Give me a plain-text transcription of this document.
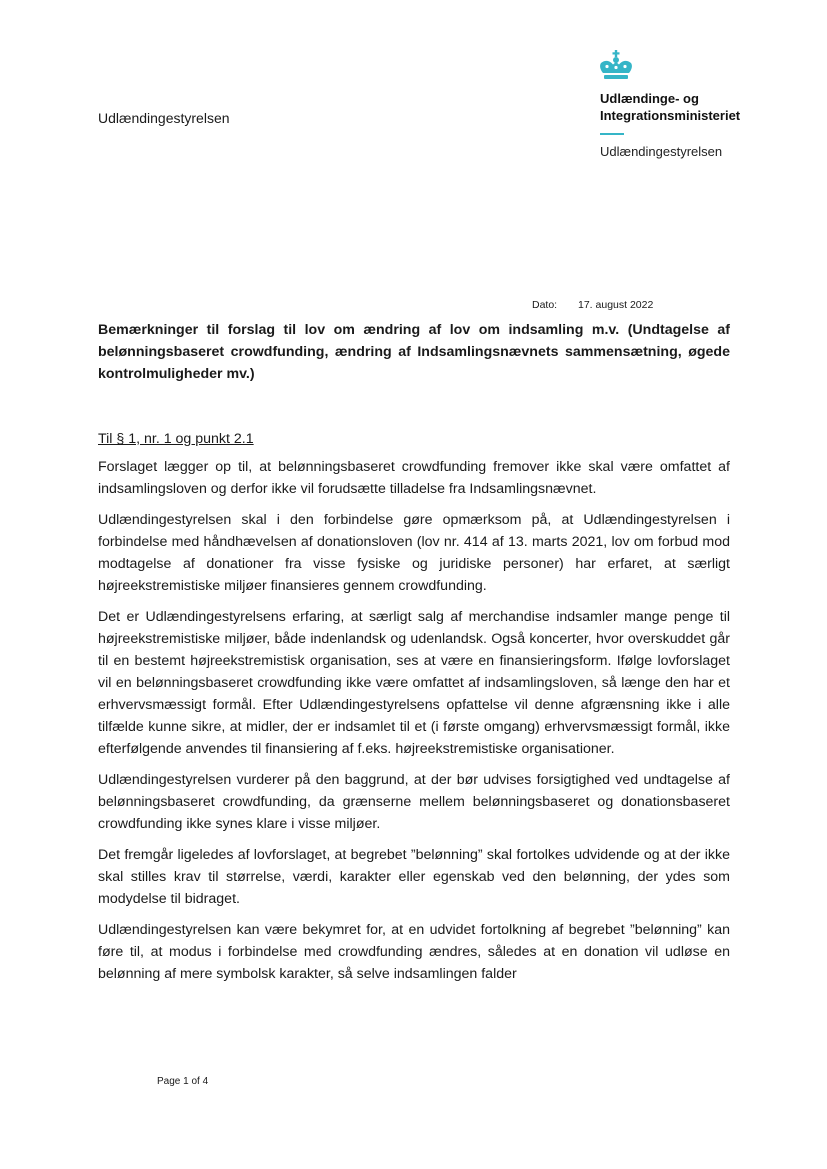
Udlændingestyrelsen
Udlændinge- og
Integrationsministeriet
Udlændingestyrelsen
Dato: 17. august 2022
Bemærkninger til forslag til lov om ændring af lov om indsamling m.v. (Undtagelse af belønningsbaseret crowdfunding, ændring af Indsamlingsnævnets sammensætning, øgede kontrolmuligheder mv.)
Til § 1, nr. 1 og punkt 2.1

Forslaget lægger op til, at belønningsbaseret crowdfunding fremover ikke skal være omfattet af indsamlingsloven og derfor ikke vil forudsætte tilladelse fra Indsamlingsnævnet.

Udlændingestyrelsen skal i den forbindelse gøre opmærksom på, at Udlændingestyrelsen i forbindelse med håndhævelsen af donationsloven (lov nr. 414 af 13. marts 2021, lov om forbud mod modtagelse af donationer fra visse fysiske og juridiske personer) har erfaret, at særligt højreekstremistiske miljøer finansieres gennem crowdfunding.

Det er Udlændingestyrelsens erfaring, at særligt salg af merchandise indsamler mange penge til højreekstremistiske miljøer, både indenlandsk og udenlandsk. Også koncerter, hvor overskuddet går til en bestemt højreekstremistisk organisation, ses at være en finansieringsform. Ifølge lovforslaget vil en belønningsbaseret crowdfunding ikke være omfattet af indsamlingsloven, så længe den har et erhvervsmæssigt formål. Efter Udlændingestyrelsens opfattelse vil denne afgrænsning ikke i alle tilfælde kunne sikre, at midler, der er indsamlet til et (i første omgang) erhvervsmæssigt formål, ikke efterfølgende anvendes til finansiering af f.eks. højreekstremistiske organisationer.

Udlændingestyrelsen vurderer på den baggrund, at der bør udvises forsigtighed ved undtagelse af belønningsbaseret crowdfunding, da grænserne mellem belønningsbaseret og donationsbaseret crowdfunding ikke synes klare i visse miljøer.

Det fremgår ligeledes af lovforslaget, at begrebet ”belønning” skal fortolkes udvidende og at der ikke skal stilles krav til størrelse, værdi, karakter eller egenskab ved den belønning, der ydes som modydelse til bidraget.

Udlændingestyrelsen kan være bekymret for, at en udvidet fortolkning af begrebet ”belønning” kan føre til, at modus i forbindelse med crowdfunding ændres, således at en donation vil udløse en belønning af mere symbolsk karakter, så selve indsamlingen falder

Page 1 of 4
